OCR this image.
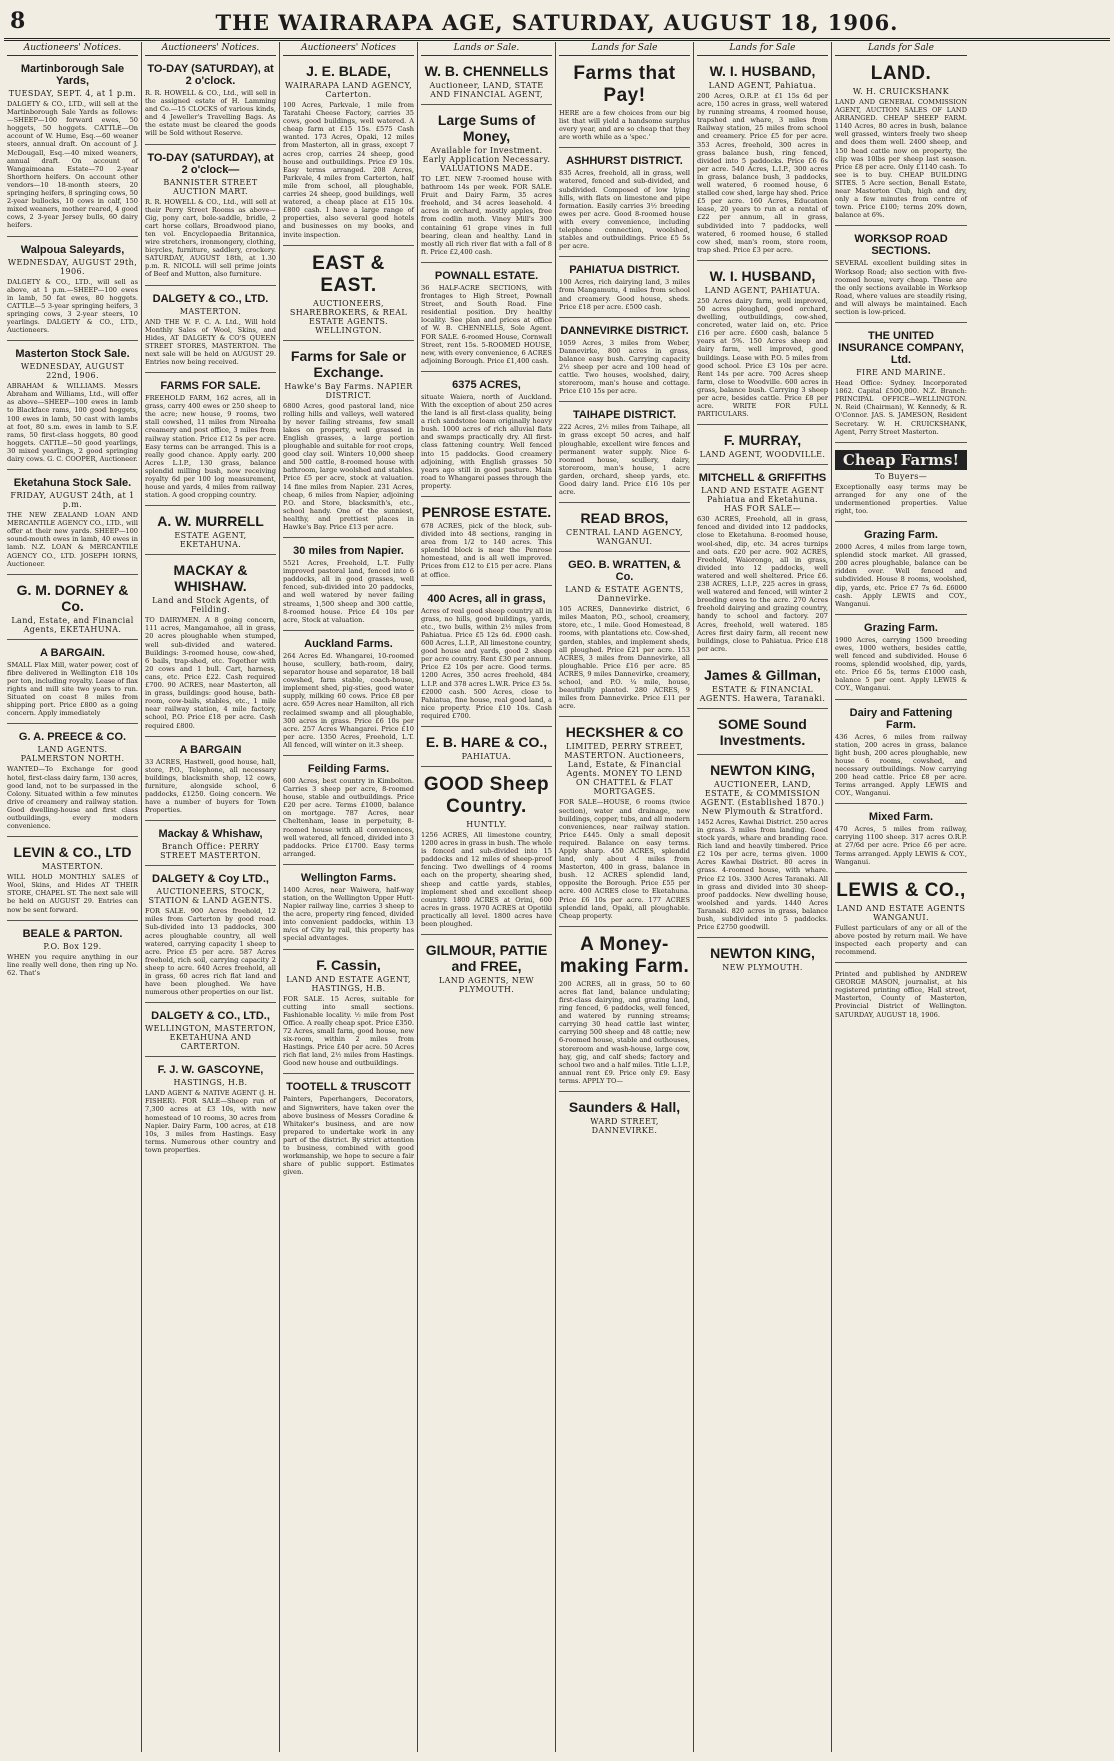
8	THE WAIRARAPA AGE, SATURDAY, AUGUST 18, 1906.
Auctioneers' Notices.
Martinborough Sale Yards,
TUESDAY, SEPT. 4, at 1 p.m.
DALGETY & CO., LTD., will sell at the Martinborough Sale Yards as follows:—SHEEP—100 forward ewes, 50 hoggets, 50 hoggets. CATTLE—On account of W. Hume, Esq.—60 weaner steers, annual draft. On account of J. McDougall, Esq.—40 mixed weaners, annual draft. On account of Wangaimoana Estate—70 2-year Shorthorn heifers. On account other vendors—10 18-month steers, 20 springing heifers, 8 springing cows, 50 2-year bullocks, 10 cows in calf, 150 mixed weaners, mother reared, 4 good cows, 2 3-year Jersey bulls, 60 dairy heifers.
Walpoua Saleyards,
WEDNESDAY, AUGUST 29th, 1906.
DALGETY & CO., LTD., will sell as above, at 1 p.m.—SHEEP—100 ewes in lamb, 50 fat ewes, 80 hoggets. CATTLE—5 3-year springing heifers, 3 springing cows, 3 2-year steers, 10 yearlings. DALGETY & CO., LTD., Auctioneers.
Masterton Stock Sale.
WEDNESDAY, AUGUST 22nd, 1906.
ABRAHAM & WILLIAMS. Messrs Abraham and Williams, Ltd., will offer as above—SHEEP—100 ewes in lamb to Blackface rams, 100 good hoggets, 100 ewes in lamb, 50 cast with lambs at foot, 80 s.m. ewes in lamb to S.F. rams, 50 first-class hoggets, 80 good hoggets. CATTLE—50 good yearlings, 30 mixed yearlings, 2 good springing dairy cows. G. C. COOPER, Auctioneer.
Eketahuna Stock Sale.
FRIDAY, AUGUST 24th, at 1 p.m.
THE NEW ZEALAND LOAN AND MERCANTILE AGENCY CO., LTD., will offer at their new yards. SHEEP—100 sound-mouth ewes in lamb, 40 ewes in lamb. N.Z. LOAN & MERCANTILE AGENCY CO., LTD. JOSEPH IORNS, Auctioneer.
G. M. DORNEY & Co.
Land, Estate, and Financial Agents, EKETAHUNA.
A BARGAIN.
SMALL Flax Mill, water power, cost of fibre delivered in Wellington £18 10s per ton, including royalty. Lease of flax rights and mill site two years to run. Situated on coast 8 miles from shipping port. Price £800 as a going concern. Apply immediately
G. A. PREECE & CO.
LAND AGENTS. PALMERSTON NORTH.
WANTED—To Exchange for good hotel, first-class dairy farm, 130 acres, good land, not to be surpassed in the Colony. Situated within a few minutes drive of creamery and railway station. Good dwelling-house and first class outbuildings, every modern convenience.
LEVIN & CO., LTD
MASTERTON.
WILL HOLD MONTHLY SALES of Wool, Skins, and Hides AT THEIR STORE, CHAPEL ST. The next sale will be held on AUGUST 29. Entries can now be sent forward.
BEALE & PARTON.
P.O. Box 129.
WHEN you require anything in our line really well done, then ring up No. 62. That's
Auctioneers' Notices.
TO-DAY (SATURDAY), at 2 o'clock.
R. R. HOWELL & CO., Ltd., will sell in the assigned estate of H. Lamming and Co.—15 CLOCKS of various kinds, and 4 Jeweller's Travelling Bags. As the estate must be cleared the goods will be Sold without Reserve.
TO-DAY (SATURDAY), at 2 o'clock—
BANNISTER STREET AUCTION MART.
R. R. HOWELL & CO., Ltd., will sell at their Perry Street Rooms as above—Gig, pony cart, bole-saddle, bridle, 2 cart horse collars, Broadwood piano, ten vol. Encyclopaedia Britannica, wire stretchers, ironmongery, clothing, bicycles, furniture, saddlery, crockery. SATURDAY, AUGUST 18th, at 1.30 p.m. R. NICOLL will sell prime joints of Beef and Mutton, also furniture.
DALGETY & CO., LTD.
MASTERTON.
AND THE W. F. C. A. Ltd., Will hold Monthly Sales of Wool, Skins, and Hides, AT DALGETY & CO'S QUEEN STREET STORES, MASTERTON. The next sale will be held on AUGUST 29. Entries now being received.
FARMS FOR SALE.
FREEHOLD FARM, 162 acres, all in grass, carry 400 ewes or 250 sheep to the acre; new house, 9 rooms, two stall cowshed, 11 miles from Nireaha creamery and post office, 3 miles from railway station. Price £12 5s per acre. Easy terms can be arranged. This is a really good chance. Apply early. 200 Acres L.I.P., 130 grass, balance splendid milling bush, now receiving royalty 6d per 100 log measurement, house and yards, 4 miles from railway station. A good cropping country.
A. W. MURRELL
ESTATE AGENT, EKETAHUNA.
MACKAY & WHISHAW.
Land and Stock Agents, of Feilding.
TO DAIRYMEN. A 8 going concern, 111 acres, Mangamahoe, all in grass, 20 acres ploughable when stumped, well sub-divided and watered. Buildings: 3-roomed house, cow-shed, 6 bails, trap-shed, etc. Together with 20 cows and 1 bull. Cart, harness, cans, etc. Price £22. Cash required £700. 90 ACRES, near Masterton, all in grass, buildings: good house, bath-room, cow-bails, stables, etc., 1 mile near railway station, 4 mile factory, school, P.O. Price £18 per acre. Cash required £800.
A BARGAIN
33 ACRES, Hastwell, good house, hall, store, P.O., Telephone, all necessary buildings, blacksmith shop, 12 cows, furniture, alongside school, 6 paddocks, £1250. Going concern. We have a number of buyers for Town Properties.
Mackay & Whishaw,
Branch Office: PERRY STREET MASTERTON.
DALGETY & Coy LTD.,
AUCTIONEERS, STOCK, STATION & LAND AGENTS.
FOR SALE. 900 Acres freehold, 12 miles from Carterton by good road. Sub-divided into 13 paddocks, 300 acres ploughable country, all well watered, carrying capacity 1 sheep to acre. Price £5 per acre. 587 Acres freehold, rich soil, carrying capacity 2 sheep to acre. 640 Acres freehold, all in grass, 60 acres rich flat land and have been ploughed. We have numerous other properties on our list.
DALGETY & CO., LTD.,
WELLINGTON, MASTERTON, EKETAHUNA AND CARTERTON.
F. J. W. GASCOYNE,
HASTINGS, H.B.
LAND AGENT & NATIVE AGENT (J. H. FISHER). FOR SALE—Sheep run of 7,300 acres at £3 10s, with new homestead of 10 rooms, 30 acres from Napier. Dairy Farm, 100 acres, at £18 10s, 3 miles from Hastings. Easy terms. Numerous other country and town properties.
Auctioneers' Notices
J. E. BLADE,
WAIRARAPA LAND AGENCY, Carterton.
100 Acres, Parkvale, 1 mile from Taratahi Cheese Factory, carries 35 cows, good buildings, well watered. A cheap farm at £15 15s. £575 Cash wanted. 173 Acres, Opaki, 12 miles from Masterton, all in grass, except 7 acres crop, carries 24 sheep, good house and outbuildings. Price £9 10s. Easy terms arranged. 208 Acres, Parkvale, 4 miles from Carterton, half mile from school, all ploughable, carries 24 sheep, good buildings, well watered, a cheap place at £15 10s. £800 cash. I have a large range of properties, also several good hotels and businesses on my books, and invite inspection.
EAST & EAST.
AUCTIONEERS, SHAREBROKERS, & REAL ESTATE AGENTS. WELLINGTON.
Farms for Sale or Exchange.
Hawke's Bay Farms. NAPIER DISTRICT.
6800 Acres, good pastoral land, nice rolling hills and valleys, well watered by never failing streams, few small lakes on property, well grassed in English grasses, a large portion ploughable and suitable for root crops, good clay soil. Winters 10,000 sheep and 500 cattle, 8-roomed house with bathroom, large woolshed and stables. Price £5 per acre, stock at valuation. 14 fine miles from Napier. 231 Acres, cheap, 6 miles from Napier, adjoining P.O. and Store, blacksmith's, etc., school handy. One of the sunniest, healthy, and prettiest places in Hawke's Bay. Price £13 per acre.
30 miles from Napier.
5521 Acres, Freehold, L.T. Fully improved pastoral land, fenced into 6 paddocks, all in good grasses, well fenced, sub-divided into 20 paddocks, and well watered by never failing streams, 1,500 sheep and 300 cattle, 8-roomed house. Price £4 10s per acre, Stock at valuation.
Auckland Farms.
264 Acres Ed. Whangarei, 10-roomed house, scullery, bath-room, dairy, separator house and separator, 18 bail cowshed, farm stable, coach-house, implement shed, pig-sties, good water supply, milking 60 cows. Price £8 per acre. 659 Acres near Hamilton, all rich reclaimed swamp and all ploughable, 300 acres in grass. Price £6 10s per acre. 257 Acres Whangarei. Price £10 per acre. 1350 Acres, Freehold, L.T. All fenced, will winter on it.3 sheep.
Feilding Farms.
600 Acres, best country in Kimbolton. Carries 3 sheep per acre, 8-roomed house, stable and outbuildings. Price £20 per acre. Terms £1000, balance on mortgage. 787 Acres, near Cheltenham, lease in perpetuity, 8-roomed house with all conveniences, well watered, all fenced, divided into 3 paddocks. Price £1700. Easy terms arranged.
Wellington Farms.
1400 Acres, near Waiwera, half-way station, on the Wellington Upper Hutt-Napier railway line, carries 3 sheep to the acre, property ring fenced, divided into convenient paddocks, within 13 m/cs of City by rail, this property has special advantages.
F. Cassin,
LAND AND ESTATE AGENT, HASTINGS, H.B.
FOR SALE. 15 Acres, suitable for cutting into small sections. Fashionable locality. ½ mile from Post Office. A really cheap spot. Price £350. 72 Acres, small farm, good house, new six-room, within 2 miles from Hastings. Price £40 per acre. 50 Acres rich flat land, 2½ miles from Hastings. Good new house and outbuildings.
TOOTELL & TRUSCOTT
Painters, Paperhangers, Decorators, and Signwriters, have taken over the above business of Messrs Coradine & Whitaker's business, and are now prepared to undertake work in any part of the district. By strict attention to business, combined with good workmanship, we hope to secure a fair share of public support. Estimates given.
Lands or Sale.
W. B. CHENNELLS
Auctioneer, LAND, STATE AND FINANCIAL AGENT,
Large Sums of Money,
Available for Investment. Early Application Necessary. VALUATIONS MADE.
TO LET. NEW 7-roomed house with bathroom 14s per week. FOR SALE. Fruit and Dairy Farm, 35 acres freehold, and 34 acres leasehold. 4 acres in orchard, mostly apples, free from codlin moth. Viney Mill's 300 containing 61 grape vines in full bearing, clean and healthy. Land in mostly all rich river flat with a fall of 8 ft. Price £2,400 cash.
POWNALL ESTATE.
36 HALF-ACRE SECTIONS, with frontages to High Street, Pownall Street, and South Road. Fine residential position. Dry healthy locality. See plan and prices at office of W. B. CHENNELLS, Sole Agent. FOR SALE. 6-roomed House, Cornwall Street, rent 15s. 5-ROOMED HOUSE, new, with every convenience, 6 ACRES adjoining Borough. Price £1,400 cash.
6375 ACRES,
situate Waiera, north of Auckland. With the exception of about 250 acres the land is all first-class quality, being a rich sandstone loam originally heavy bush. 1000 acres of rich alluvial flats and swamps practically dry. All first-class fattening country. Well fenced into 15 paddocks. Good creamery adjoining, with English grasses 50 years ago still in good pasture. Main road to Whangarei passes through the property.
PENROSE ESTATE.
678 ACRES, pick of the block, sub-divided into 48 sections, ranging in area from 1/2 to 140 acres. This splendid block is near the Penrose homestead, and is all well improved. Prices from £12 to £15 per acre. Plans at office.
400 Acres, all in grass,
Acres of real good sheep country all in grass, no hills, good buildings, yards, etc., two bulls, within 2½ miles from Pahiatua. Price £5 12s 6d. £900 cash. 600 Acres, L.I.P., All limestone country, good house and yards, good 2 sheep per acre country. Rent £30 per annum. Price £2 10s per acre. Good terms. 1200 Acres, 350 acres freehold, 484 L.I.P. and 378 acres L.W.R. Price £3 5s. £2000 cash. 500 Acres, close to Pahiatua, fine house, real good land, a nice property. Price £10 10s. Cash required £700.
E. B. HARE & CO.,
PAHIATUA.
GOOD Sheep Country.
HUNTLY.
1256 ACRES, All limestone country, 1200 acres in grass in bush. The whole is fenced and sub-divided into 15 paddocks and 12 miles of sheep-proof fencing. Two dwellings of 4 rooms each on the property, shearing shed, sheep and cattle yards, stables, implement shed and excellent sheep country. 1800 ACRES at Orini, 600 acres in grass. 1970 ACRES at Opotiki practically all level. 1800 acres have been ploughed.
GILMOUR, PATTIE and FREE,
LAND AGENTS, NEW PLYMOUTH.
Lands for Sale
Farms that Pay!
HERE are a few choices from our big list that will yield a handsome surplus every year, and are so cheap that they are worth while as a 'spec.'
ASHHURST DISTRICT.
835 Acres, freehold, all in grass, well watered, fenced and sub-divided, and subdivided. Composed of low lying hills, with flats on limestone and pipe formation. Easily carries 3½ breeding ewes per acre. Good 8-roomed house with every convenience, including telephone connection, woolshed, stables and outbuildings. Price £5 5s per acre.
PAHIATUA DISTRICT.
100 Acres, rich dairying land, 3 miles from Mangamutu, 4 miles from school and creamery. Good house, sheds. Price £18 per acre. £500 cash.
DANNEVIRKE DISTRICT.
1059 Acres, 3 miles from Weber, Dannevirke, 800 acres in grass, balance easy bush. Carrying capacity 2½ sheep per acre and 100 head of cattle. Two houses, woolshed, dairy, storeroom, man's house and cottage. Price £10 15s per acre.
TAIHAPE DISTRICT.
222 Acres, 2½ miles from Taihape, all in grass except 50 acres, and half ploughable, excellent wire fences and permanent water supply. Nice 6-roomed house, scullery, dairy, storeroom, man's house, 1 acre garden, orchard, sheep yards, etc. Good dairy land. Price £16 10s per acre.
READ BROS,
CENTRAL LAND AGENCY, WANGANUI.
GEO. B. WRATTEN, & Co.
LAND & ESTATE AGENTS, Dannevirke.
105 ACRES, Dannevirke district, 6 miles Maaton, P.O., school, creamery, store, etc., 1 mile. Good Homestead, 8 rooms, with plantations etc. Cow-shed, garden, stables, and implement sheds, all ploughed. Price £21 per acre. 153 ACRES, 3 miles from Dannevirke, all ploughable. Price £16 per acre. 85 ACRES, 9 miles Dannevirke, creamery, school, and P.O. ¼ mile, house, beautifully planted. 280 ACRES, 9 miles from Dannevirke. Price £11 per acre.
HECKSHER & CO
LIMITED, PERRY STREET, MASTERTON. Auctioneers, Land, Estate, & Financial Agents. MONEY TO LEND ON CHATTEL & FLAT MORTGAGES.
FOR SALE—HOUSE, 6 rooms (twice section), water and drainage, new buildings, copper, tubs, and all modern conveniences, near railway station. Price £445. Only a small deposit required. Balance on easy terms. Apply sharp. 450 ACRES, splendid land, only about 4 miles from Masterton, 400 in grass, balance in bush. 12 ACRES splendid land, opposite the Borough. Price £55 per acre. 400 ACRES close to Eketahuna. Price £6 10s per acre. 177 ACRES splendid land, Opaki, all ploughable. Cheap property.
A Money-making Farm.
200 ACRES, all in grass, 50 to 60 acres flat land, balance undulating; first-class dairying, and grazing land, ring fenced, 6 paddocks, well fenced, and watered by running streams; carrying 30 head cattle last winter, carrying 500 sheep and 48 cattle; new 6-roomed house, stable and outhouses, storeroom and wash-house, large cow, hay, gig, and calf sheds; factory and school two and a half miles. Title L.I.P., annual rent £9. Price only £9. Easy terms. APPLY TO—
Saunders & Hall,
WARD STREET, DANNEVIRKE.
Lands for Sale
W. I. HUSBAND,
LAND AGENT, Pahiatua.
200 Acres, O.R.P. at £1 15s 6d per acre, 150 acres in grass, well watered by running streams, 4 roomed house, trapshed and whare, 3 miles from Railway station, 25 miles from school and creamery. Price £5 for per acre. 353 Acres, freehold, 300 acres in grass balance bush, ring fenced, divided into 5 paddocks. Price £6 6s per acre. 540 Acres, L.I.P., 300 acres in grass, balance bush, 3 paddocks, well watered, 6 roomed house, 6 stalled cow shed, large hay shed. Price £5 per acre. 160 Acres, Education lease, 20 years to run at a rental of £22 per annum, all in grass, subdivided into 7 paddocks, well watered, 6 roomed house, 6 stalled cow shed, man's room, store room, trap shed. Price £3 per acre.
W. I. HUSBAND,
LAND AGENT, PAHIATUA.
250 Acres dairy farm, well improved, 50 acres ploughed, good orchard, dwelling, outbuildings, cow-shed, concreted, water laid on, etc. Price £16 per acre. £600 cash, balance 5 years at 5%. 150 Acres sheep and dairy farm, well improved, good buildings. Lease with P.O. 5 miles from good school. Price £3 10s per acre. Rent 14s per acre. 700 Acres sheep farm, close to Woodville. 600 acres in grass, balance bush. Carrying 3 sheep per acre, besides cattle. Price £8 per acre. WRITE FOR FULL PARTICULARS.
F. MURRAY,
LAND AGENT, WOODVILLE.
MITCHELL & GRIFFITHS
LAND AND ESTATE AGENT Pahiatua and Eketahuna. HAS FOR SALE—
630 ACRES, Freehold, all in grass, fenced and divided into 12 paddocks, close to Eketahuna. 8-roomed house, wool-shed, dip, etc. 34 acres turnips and oats. £20 per acre. 902 ACRES, Freehold, Waiorongo, all in grass, divided into 12 paddocks, well watered and well sheltered. Price £6. 238 ACRES, L.I.P., 225 acres in grass, well watered and fenced, will winter 2 breeding ewes to the acre. 270 Acres freehold dairying and grazing country, handy to school and factory. 207 Acres, freehold, well watered. 185 Acres first dairy farm, all recent new buildings, close to Pahiatua. Price £18 per acre.
James & Gillman,
ESTATE & FINANCIAL AGENTS. Hawera, Taranaki.
SOME Sound Investments.
NEWTON KING,
AUCTIONEER, LAND, ESTATE, & COMMISSION AGENT. (Established 1870.) New Plymouth & Stratford.
1452 Acres, Kawhai District. 250 acres in grass. 3 miles from landing. Good stock yards, whare and branding race. Rich land and heavily timbered. Price £2 10s per acre, terms given. 1000 Acres Kawhai District. 80 acres in grass. 4-roomed house, with whare. Price £2 10s. 3300 Acres Taranaki. All in grass and divided into 30 sheep-proof paddocks. New dwelling house, woolshed and yards. 1440 Acres Taranaki. 820 acres in grass, balance bush, subdivided into 5 paddocks. Price £2750 goodwill.
NEWTON KING,
NEW PLYMOUTH.
Lands for Sale
LAND.
W. H. CRUICKSHANK
LAND AND GENERAL COMMISSION AGENT, AUCTION SALES OF LAND ARRANGED. CHEAP SHEEP FARM. 1140 Acres, 80 acres in bush, balance well grassed, winters freely two sheep and does them well. 2400 sheep, and 150 head cattle now on property, the clip was 10lbs per sheep last season. Price £8 per acre. Only £1140 cash. To see is to buy. CHEAP BUILDING SITES. 5 Acre section, Benall Estate, near Masterton Club, high and dry, only a few minutes from centre of town. Price £100; terms 20% down, balance at 6%.
WORKSOP ROAD SECTIONS.
SEVERAL excellent building sites in Worksop Road; also section with five-roomed house, very cheap. These are the only sections available in Worksop Road, where values are steadily rising, and will always be maintained. Each section is low-priced.
THE UNITED INSURANCE COMPANY, Ltd.
FIRE AND MARINE.
Head Office: Sydney. Incorporated 1862. Capital £500,000. N.Z. Branch: PRINCIPAL OFFICE—WELLINGTON. N. Reid (Chairman), W. Kennedy, & R. O'Connor. JAS. S. JAMESON, Resident Secretary. W. H. CRUICKSHANK, Agent, Perry Street Masterton.
Cheap Farms!
To Buyers—
Exceptionally easy terms may be arranged for any one of the undermentioned properties. Value right, too.
Grazing Farm.
2000 Acres, 4 miles from large town, splendid stock market. All grassed, 200 acres ploughable, balance can be ridden over. Well fenced and subdivided. House 8 rooms, woolshed, dip, yards, etc. Price £7 7s 6d. £6000 cash. Apply LEWIS and COY., Wanganui.
Grazing Farm.
1900 Acres, carrying 1500 breeding ewes, 1000 wethers, besides cattle, well fenced and subdivided. House 6 rooms, splendid woolshed, dip, yards, etc. Price £6 5s, terms £1000 cash, balance 5 per cent. Apply LEWIS & COY., Wanganui.
Dairy and Fattening Farm.
436 Acres, 6 miles from railway station, 200 acres in grass, balance light bush, 200 acres ploughable, new house 6 rooms, cowshed, and necessary outbuildings. Now carrying 200 head cattle. Price £8 per acre. Terms arranged. Apply LEWIS and COY., Wanganui.
Mixed Farm.
470 Acres, 5 miles from railway, carrying 1100 sheep. 317 acres O.R.P. at 27/6d per acre. Price £6 per acre. Terms arranged. Apply LEWIS & COY., Wanganui.
LEWIS & CO.,
LAND AND ESTATE AGENTS WANGANUI.
Fullest particulars of any or all of the above posted by return mail. We have inspected each property and can recommend.
Printed and published by ANDREW GEORGE MASON, journalist, at his registered printing office, Hall street, Masterton, County of Masterton, Provincial District of Wellington. SATURDAY, AUGUST 18, 1906.
